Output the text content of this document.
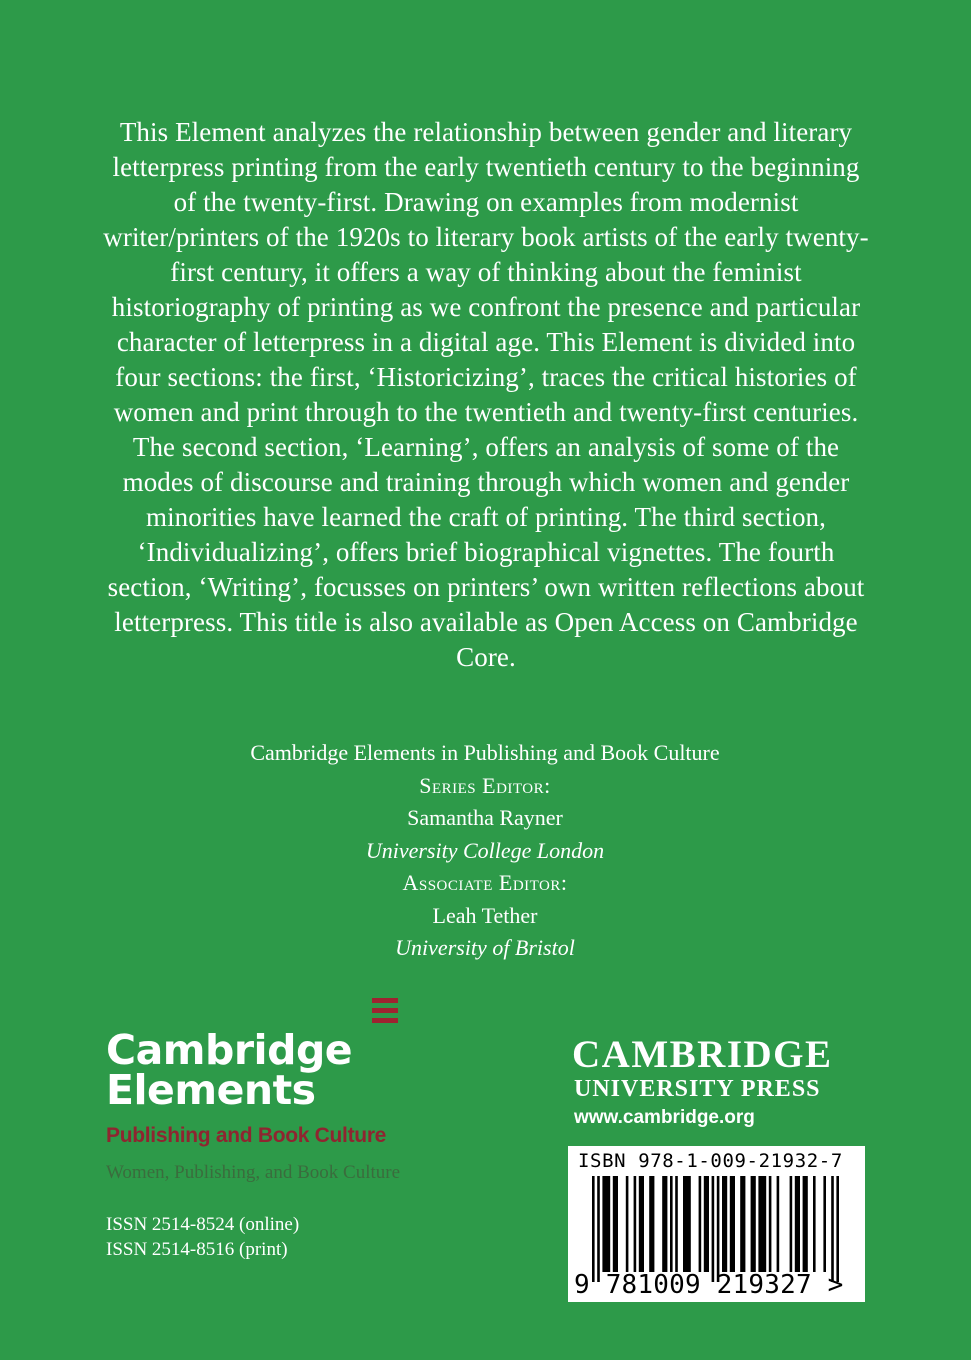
This Element analyzes the relationship between gender and literary letterpress printing from the early twentieth century to the beginning of the twenty-first. Drawing on examples from modernist writer/printers of the 1920s to literary book artists of the early twenty-first century, it offers a way of thinking about the feminist historiography of printing as we confront the presence and particular character of letterpress in a digital age. This Element is divided into four sections: the first, ‘Historicizing’, traces the critical histories of women and print through to the twentieth and twenty-first centuries. The second section, ‘Learning’, offers an analysis of some of the modes of discourse and training through which women and gender minorities have learned the craft of printing. The third section, ‘Individualizing’, offers brief biographical vignettes. The fourth section, ‘Writing’, focusses on printers’ own written reflections about letterpress. This title is also available as Open Access on Cambridge Core.
Cambridge Elements in Publishing and Book Culture
Series Editor:
Samantha Rayner
University College London
Associate Editor:
Leah Tether
University of Bristol
Cambridge
Elements
Publishing and Book Culture
Women, Publishing, and Book Culture
ISSN 2514-8524 (online)
ISSN 2514-8516 (print)
CAMBRIDGE
UNIVERSITY PRESS
www.cambridge.org
ISBN 978-1-009-21932-7
9 781009 219327 >
